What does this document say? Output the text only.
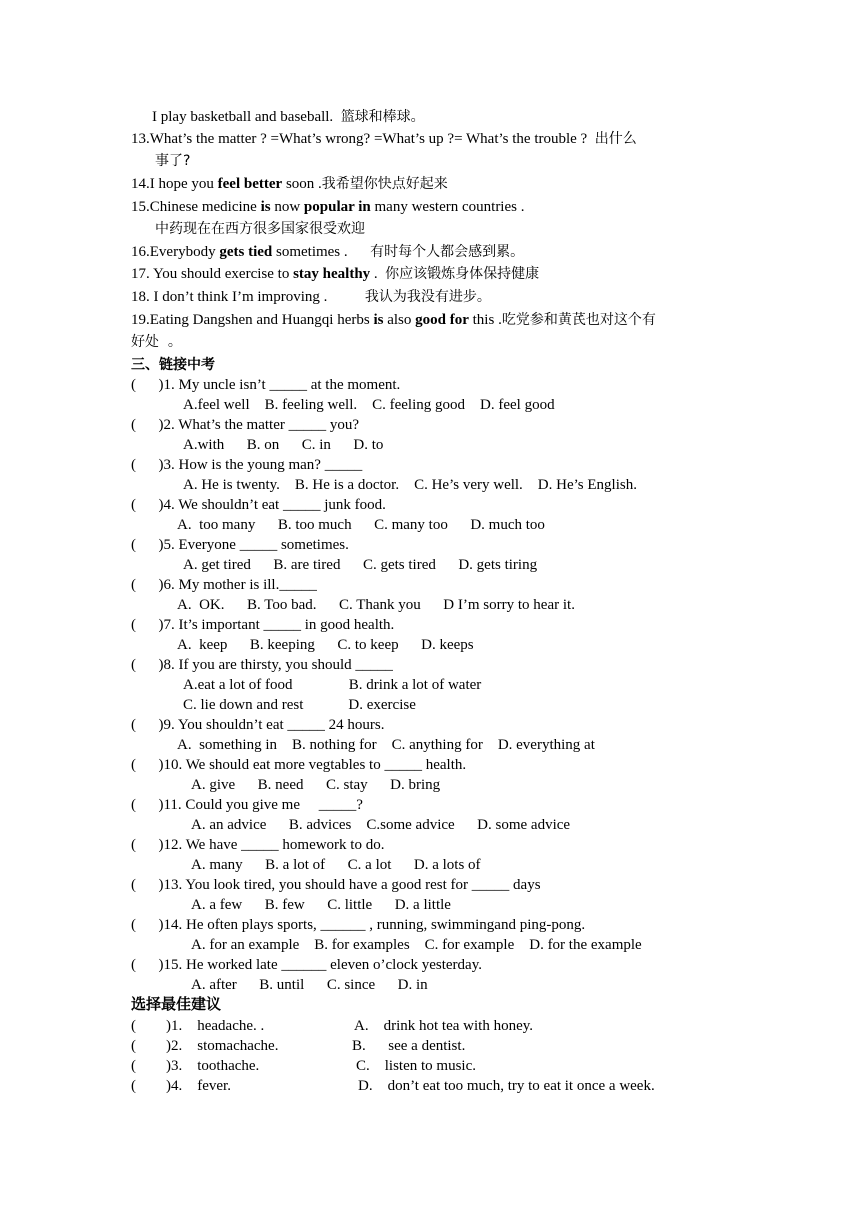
I play basketball and baseball.  篮球和棒球。
13.What’s the matter ? =What’s wrong? =What’s up ?= What’s the trouble ?  出什么
事了?
14.I hope you feel better soon .我希望你快点好起来
15.Chinese medicine is now popular in many western countries .
中药现在在西方很多国家很受欢迎
16.Everybody gets tied sometimes .      有时每个人都会感到累。
17. You should exercise to stay healthy .  你应该锻炼身体保持健康
18. I don’t think I’m improving .          我认为我没有进步。
19.Eating Dangshen and Huangqi herbs is also good for this .吃党参和黄芪也对这个有
好处  。
三、链接中考
(      )1. My uncle isn’t _____ at the moment.
A.feel well    B. feeling well.    C. feeling good    D. feel good
(      )2. What’s the matter _____ you?
A.with      B. on      C. in      D. to
(      )3. How is the young man? _____
A. He is twenty.    B. He is a doctor.    C. He’s very well.    D. He’s English.
(      )4. We shouldn’t eat _____ junk food.
A.  too many      B. too much      C. many too      D. much too
(      )5. Everyone _____ sometimes.
A. get tired      B. are tired      C. gets tired      D. gets tiring
(      )6. My mother is ill._____
A.  OK.      B. Too bad.      C. Thank you      D I’m sorry to hear it.
(      )7. It’s important _____ in good health.
A.  keep      B. keeping      C. to keep      D. keeps
(      )8. If you are thirsty, you should _____
A.eat a lot of food               B. drink a lot of water
C. lie down and rest            D. exercise
(      )9. You shouldn’t eat _____ 24 hours.
A.  something in    B. nothing for    C. anything for    D. everything at
(      )10. We should eat more vegtables to _____ health.
A. give      B. need      C. stay      D. bring
(      )11. Could you give me     _____?
A. an advice      B. advices    C.some advice      D. some advice
(      )12. We have _____ homework to do.
A. many      B. a lot of      C. a lot      D. a lots of
(      )13. You look tired, you should have a good rest for _____ days
A. a few      B. few      C. little      D. a little
(      )14. He often plays sports, ______ , running, swimmingand ping-pong.
A. for an example    B. for examples    C. for example    D. for the example
(      )15. He worked late ______ eleven o’clock yesterday.
A. after      B. until      C. since      D. in
选择最佳建议
(        )1.    headache. .	A.    drink hot tea with honey.
(        )2.    stomachache.	B.      see a dentist.
(        )3.    toothache.	C.    listen to music.
(        )4.    fever.	D.    don’t eat too much, try to eat it once a week.
